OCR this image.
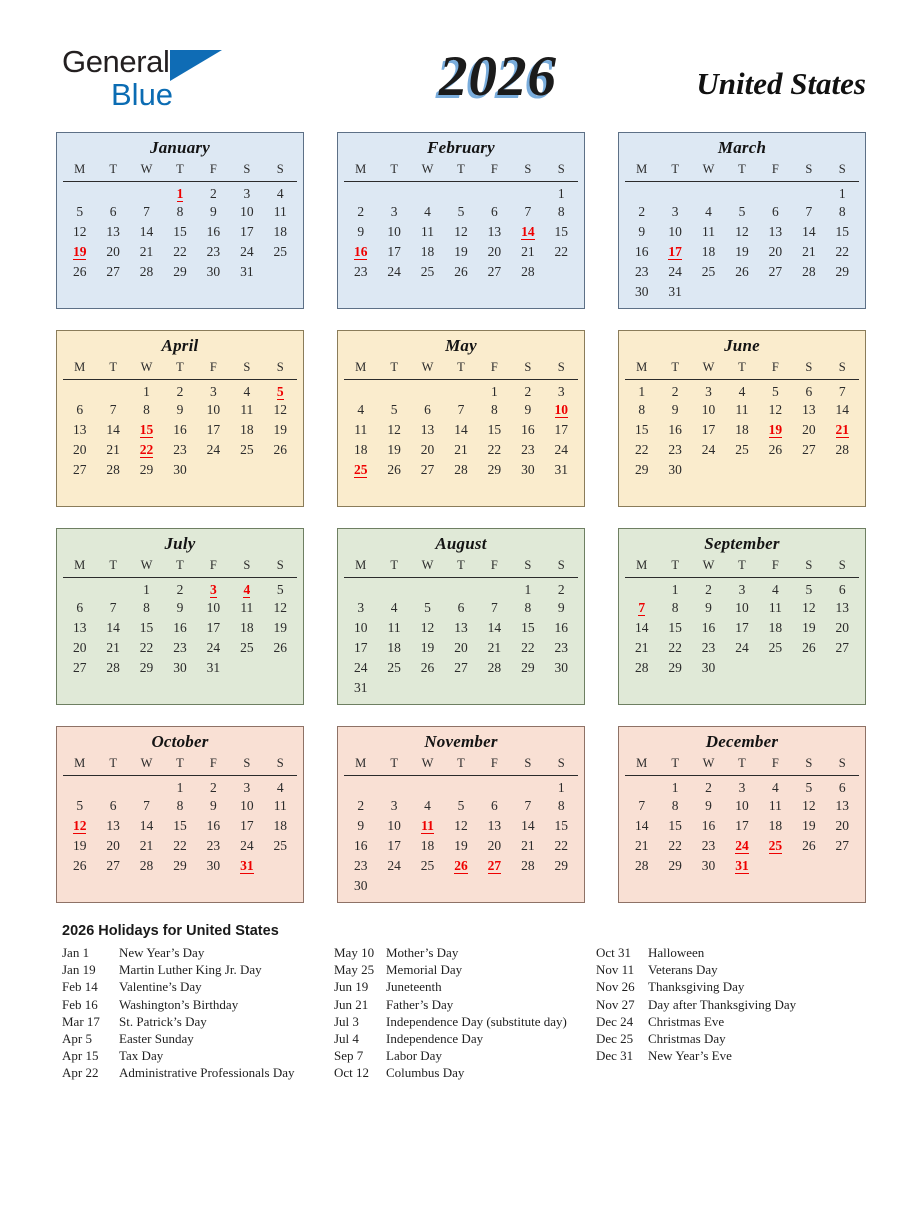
General
Blue	2026	United States
January
M	T	W	T	F	S	S
			1	2	3	4
5	6	7	8	9	10	11
12	13	14	15	16	17	18
19	20	21	22	23	24	25
26	27	28	29	30	31	

February
M	T	W	T	F	S	S
						1
2	3	4	5	6	7	8
9	10	11	12	13	14	15
16	17	18	19	20	21	22
23	24	25	26	27	28	

March
M	T	W	T	F	S	S
						1
2	3	4	5	6	7	8
9	10	11	12	13	14	15
16	17	18	19	20	21	22
23	24	25	26	27	28	29
30	31					
April
M	T	W	T	F	S	S
		1	2	3	4	5
6	7	8	9	10	11	12
13	14	15	16	17	18	19
20	21	22	23	24	25	26
27	28	29	30			

May
M	T	W	T	F	S	S
				1	2	3
4	5	6	7	8	9	10
11	12	13	14	15	16	17
18	19	20	21	22	23	24
25	26	27	28	29	30	31

June
M	T	W	T	F	S	S
1	2	3	4	5	6	7
8	9	10	11	12	13	14
15	16	17	18	19	20	21
22	23	24	25	26	27	28
29	30					

July
M	T	W	T	F	S	S
		1	2	3	4	5
6	7	8	9	10	11	12
13	14	15	16	17	18	19
20	21	22	23	24	25	26
27	28	29	30	31		

August
M	T	W	T	F	S	S
					1	2
3	4	5	6	7	8	9
10	11	12	13	14	15	16
17	18	19	20	21	22	23
24	25	26	27	28	29	30
31						
September
M	T	W	T	F	S	S
	1	2	3	4	5	6
7	8	9	10	11	12	13
14	15	16	17	18	19	20
21	22	23	24	25	26	27
28	29	30				

October
M	T	W	T	F	S	S
			1	2	3	4
5	6	7	8	9	10	11
12	13	14	15	16	17	18
19	20	21	22	23	24	25
26	27	28	29	30	31	

November
M	T	W	T	F	S	S
						1
2	3	4	5	6	7	8
9	10	11	12	13	14	15
16	17	18	19	20	21	22
23	24	25	26	27	28	29
30						
December
M	T	W	T	F	S	S
	1	2	3	4	5	6
7	8	9	10	11	12	13
14	15	16	17	18	19	20
21	22	23	24	25	26	27
28	29	30	31			

2026 Holidays for United States
Jan 1	New Year’s Day
Jan 19	Martin Luther King Jr. Day
Feb 14	Valentine’s Day
Feb 16	Washington’s Birthday
Mar 17	St. Patrick’s Day
Apr 5	Easter Sunday
Apr 15	Tax Day
Apr 22	Administrative Professionals Day
May 10 Mother’s Day
May 25 Memorial Day
Jun 19	Juneteenth
Jun 21	Father’s Day
Jul 3	Independence Day (substitute day)
Jul 4	Independence Day
Sep 7	Labor Day
Oct 12	Columbus Day
Oct 31	Halloween
Nov 11	Veterans Day
Nov 26	Thanksgiving Day
Nov 27	Day after Thanksgiving Day
Dec 24	Christmas Eve
Dec 25	Christmas Day
Dec 31	New Year’s Eve
